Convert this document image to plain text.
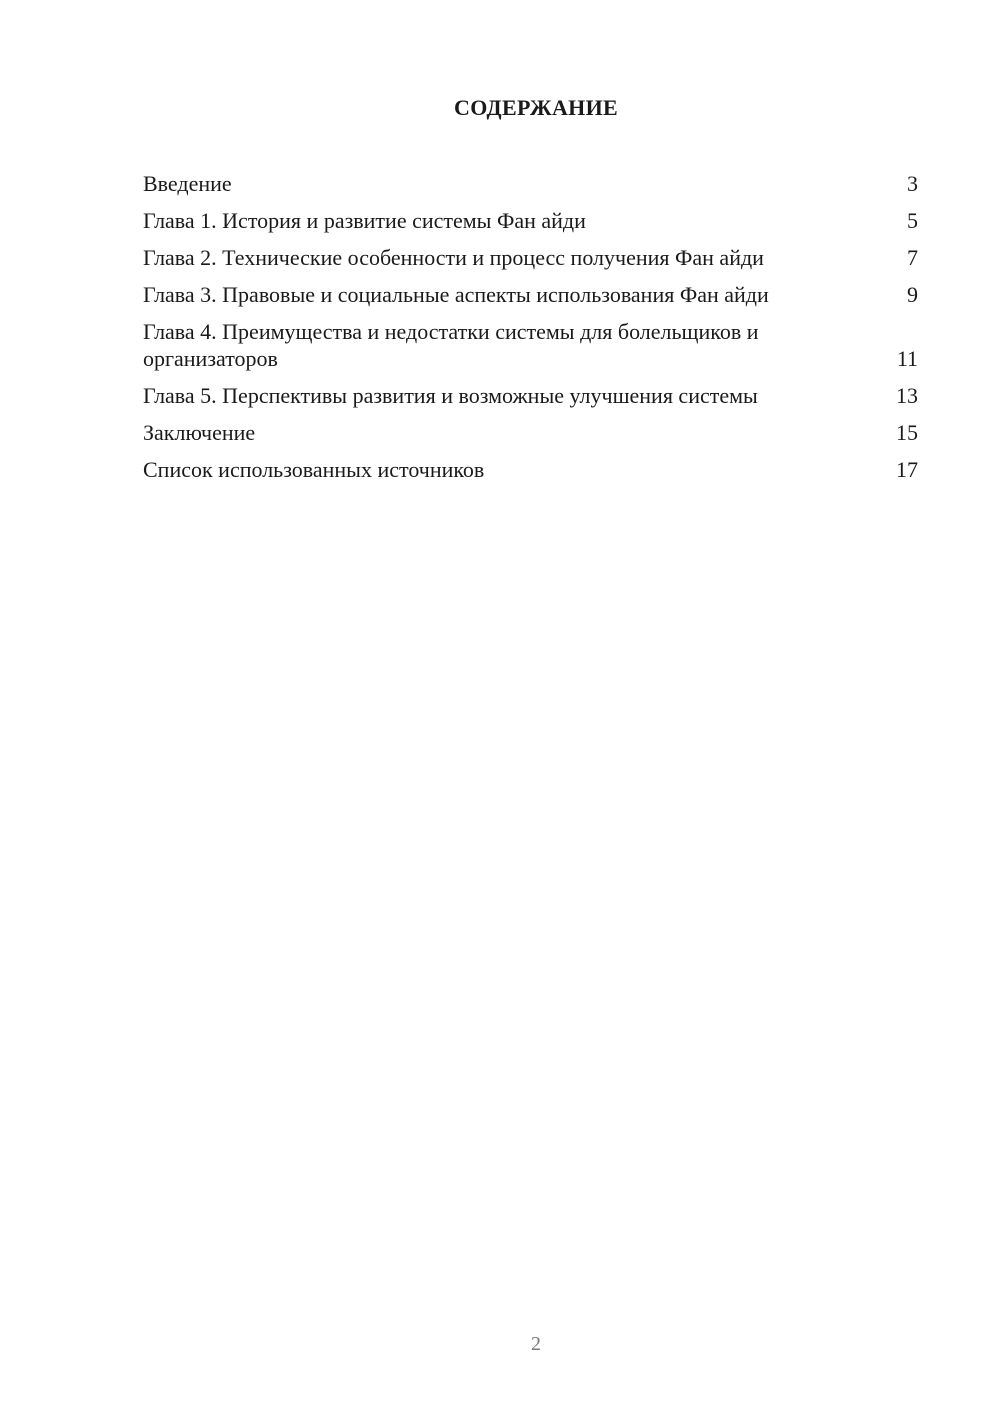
СОДЕРЖАНИЕ
Введение	3
Глава 1. История и развитие системы Фан айди	5
Глава 2. Технические особенности и процесс получения Фан айди	7
Глава 3. Правовые и социальные аспекты использования Фан айди	9
Глава 4. Преимущества и недостатки системы для болельщиков и организаторов	11
Глава 5. Перспективы развития и возможные улучшения системы	13
Заключение	15
Список использованных источников	17
2
